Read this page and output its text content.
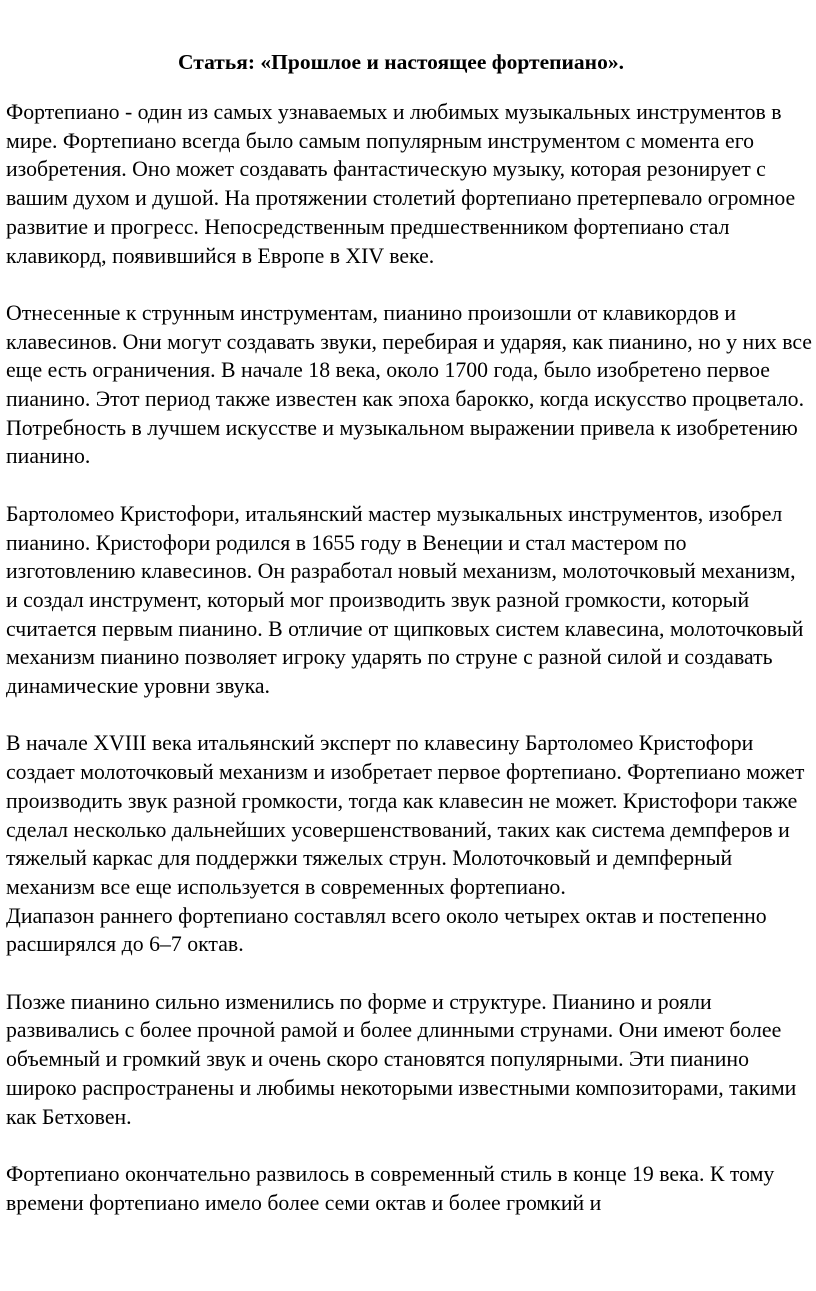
Статья: «Прошлое и настоящее фортепиано».

Фортепиано - один из самых узнаваемых и любимых музыкальных инструментов в мире. Фортепиано всегда было самым популярным инструментом с момента его изобретения. Оно может создавать фантастическую музыку, которая резонирует с вашим духом и душой. На протяжении столетий фортепиано претерпевало огромное развитие и прогресс. Непосредственным предшественником фортепиано стал клавикорд, появившийся в Европе в XIV веке.

Отнесенные к струнным инструментам, пианино произошли от клавикордов и клавесинов. Они могут создавать звуки, перебирая и ударяя, как пианино, но у них все еще есть ограничения. В начале 18 века, около 1700 года, было изобретено первое пианино. Этот период также известен как эпоха барокко, когда искусство процветало. Потребность в лучшем искусстве и музыкальном выражении привела к изобретению пианино.

Бартоломео Кристофори, итальянский мастер музыкальных инструментов, изобрел пианино. Кристофори родился в 1655 году в Венеции и стал мастером по изготовлению клавесинов. Он разработал новый механизм, молоточковый механизм, и создал инструмент, который мог производить звук разной громкости, который считается первым пианино. В отличие от щипковых систем клавесина, молоточковый механизм пианино позволяет игроку ударять по струне с разной силой и создавать динамические уровни звука.

В начале XVIII века итальянский эксперт по клавесину Бартоломео Кристофори создает молоточковый механизм и изобретает первое фортепиано. Фортепиано может производить звук разной громкости, тогда как клавесин не может. Кристофори также сделал несколько дальнейших усовершенствований, таких как система демпферов и тяжелый каркас для поддержки тяжелых струн. Молоточковый и демпферный механизм все еще используется в современных фортепиано.

Диапазон раннего фортепиано составлял всего около четырех октав и постепенно расширялся до 6–7 октав.

Позже пианино сильно изменились по форме и структуре. Пианино и рояли развивались с более прочной рамой и более длинными струнами. Они имеют более объемный и громкий звук и очень скоро становятся популярными. Эти пианино широко распространены и любимы некоторыми известными композиторами, такими как Бетховен.

Фортепиано окончательно развилось в современный стиль в конце 19 века. К тому времени фортепиано имело более семи октав и более громкий и
